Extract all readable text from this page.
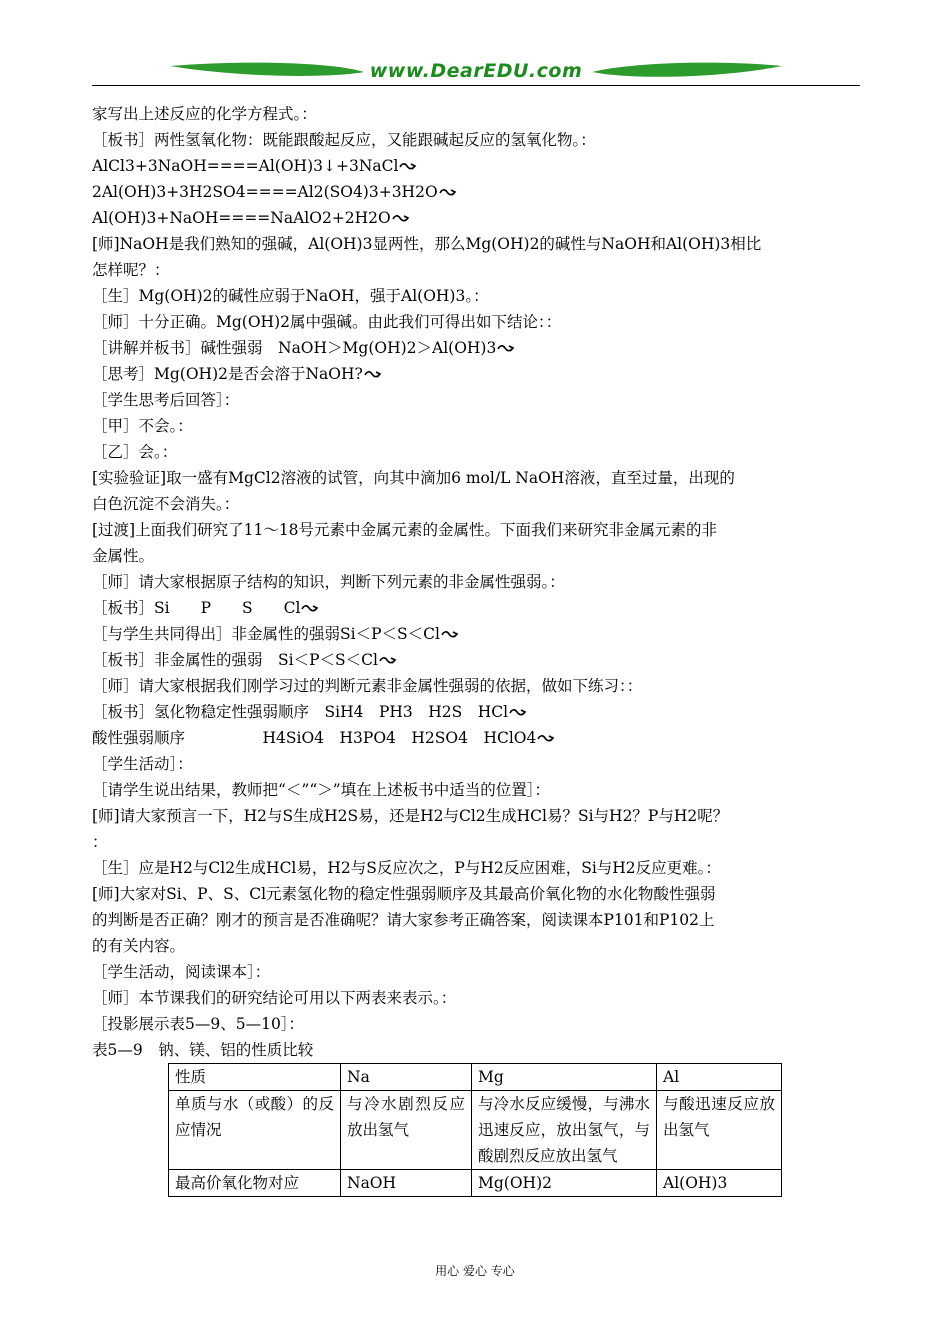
www.DearEDU.com
家写出上述反应的化学方程式。：
［板书］两性氢氧化物：既能跟酸起反应，又能跟碱起反应的氢氧化物。：
AlCl3+3NaOH====Al(OH)3↓+3NaCl
2Al(OH)3+3H2SO4====Al2(SO4)3+3H2O
Al(OH)3+NaOH====NaAlO2+2H2O
[师]NaOH是我们熟知的强碱，Al(OH)3显两性，那么Mg(OH)2的碱性与NaOH和Al(OH)3相比
怎样呢？：
［生］Mg(OH)2的碱性应弱于NaOH，强于Al(OH)3。：
［师］十分正确。Mg(OH)2属中强碱。由此我们可得出如下结论：：
［讲解并板书］碱性强弱　NaOH＞Mg(OH)2＞Al(OH)3
［思考］Mg(OH)2是否会溶于NaOH?
［学生思考后回答］：
［甲］不会。：
［乙］会。：
[实验验证]取一盛有MgCl2溶液的试管，向其中滴加6 mol/L NaOH溶液，直至过量，出现的
白色沉淀不会消失。：
[过渡]上面我们研究了11～18号元素中金属元素的金属性。下面我们来研究非金属元素的非
金属性。
［师］请大家根据原子结构的知识，判断下列元素的非金属性强弱。：
［板书］Si　　P　　S　　Cl
［与学生共同得出］非金属性的强弱Si＜P＜S＜Cl
［板书］非金属性的强弱　Si＜P＜S＜Cl
［师］请大家根据我们刚学习过的判断元素非金属性强弱的依据，做如下练习：：
［板书］氢化物稳定性强弱顺序　SiH4　PH3　H2S　HCl
酸性强弱顺序　　　　　H4SiO4　H3PO4　H2SO4　HClO4
［学生活动］：
［请学生说出结果，教师把“＜”“＞”填在上述板书中适当的位置］：
[师]请大家预言一下，H2与S生成H2S易，还是H2与Cl2生成HCl易？Si与H2？P与H2呢？
：
［生］应是H2与Cl2生成HCl易，H2与S反应次之，P与H2反应困难，Si与H2反应更难。：
[师]大家对Si、P、S、Cl元素氢化物的稳定性强弱顺序及其最高价氧化物的水化物酸性强弱
的判断是否正确？刚才的预言是否准确呢？请大家参考正确答案，阅读课本P101和P102上
的有关内容。
［学生活动，阅读课本］：
［师］本节课我们的研究结论可用以下两表来表示。：
［投影展示表5—9、5—10］：
表5—9　钠、镁、铝的性质比较
性质	Na	Mg	Al
单质与水（或酸）的反应情况	与冷水剧烈反应放出氢气	与冷水反应缓慢，与沸水迅速反应，放出氢气，与酸剧烈反应放出氢气	与酸迅速反应放出氢气
最高价氧化物对应	NaOH	Mg(OH)2	Al(OH)3
用心 爱心 专心
